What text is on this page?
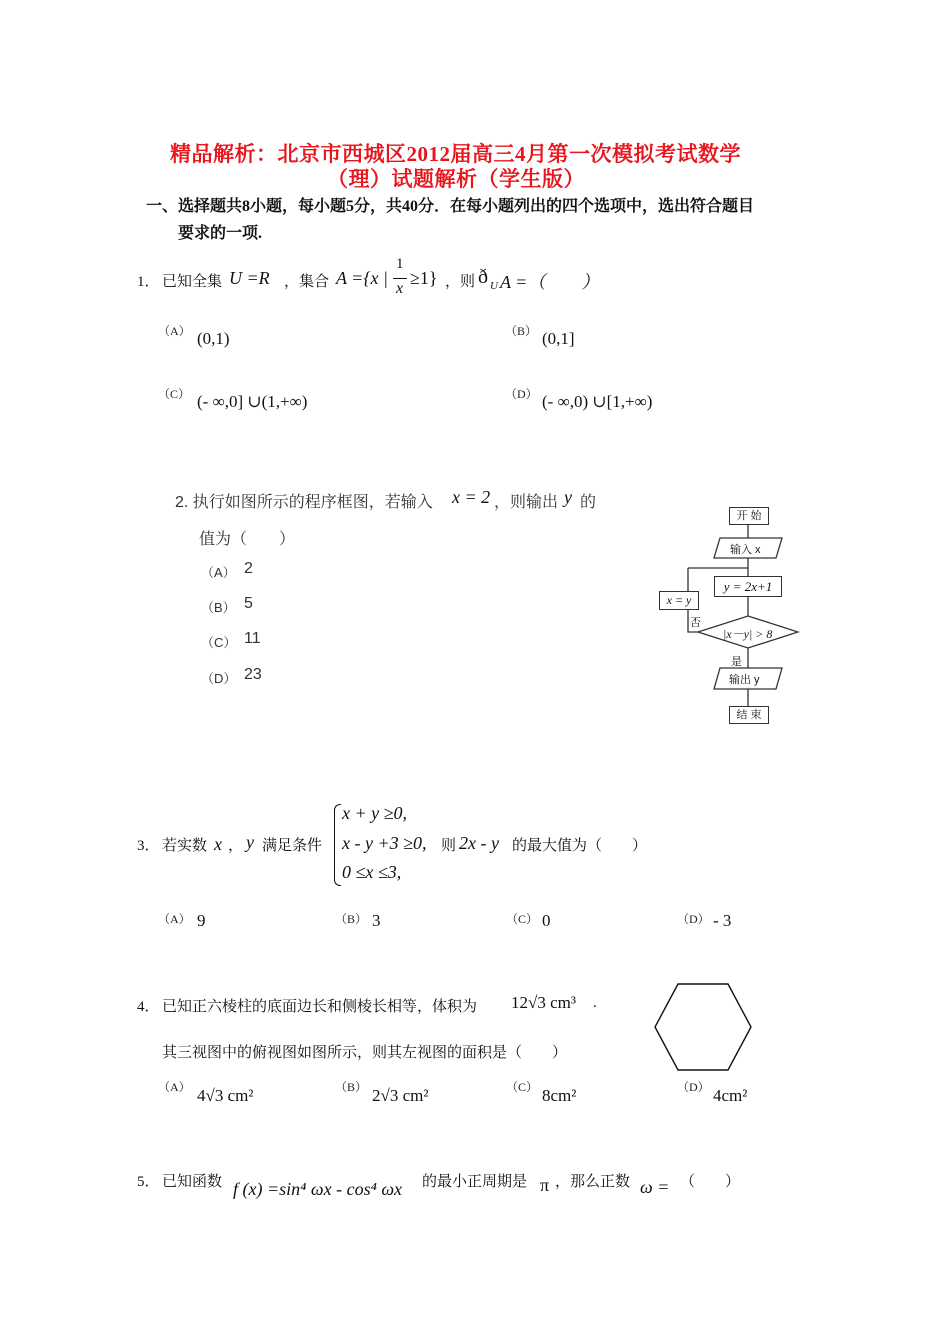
精品解析：北京市西城区2012届高三4月第一次模拟考试数学
（理）试题解析（学生版）
一、选择题共8小题，每小题5分，共40分．在每小题列出的四个选项中，选出符合题目
要求的一项.
1． 已知全集 U =R ，集合 A ={x |
1
x
≥1} ，则 ð U A =（　　）
（A） (0,1)	（B） (0,1]
（C） (- ∞,0] ∪(1,+∞)	（D） (- ∞,0) ∪[1,+∞)
2. 执行如图所示的程序框图，若输入 x = 2 ，则输出 y 的
值为（　　）
（A） 2
（B） 5
（C） 11
（D） 23
开 始
输入 x
y = 2x+1
x = y
否
|x－y| > 8
是
输出 y
结 束
3． 若实数 x ， y 满足条件
x + y ≥0,
x - y +3 ≥0,
0 ≤x ≤3,
则 2x - y 的最大值为（　　）
（A） 9	（B） 3	（C） 0	（D） - 3
4． 已知正六棱柱的底面边长和侧棱长相等，体积为 12√3 cm³ .
其三视图中的俯视图如图所示，则其左视图的面积是（　　）
（A） 4√3 cm²	（B） 2√3 cm²	（C） 8cm²	（D） 4cm²
5． 已知函数 f (x) =sin⁴ ωx - cos⁴ ωx 的最小正周期是 π ，那么正数 ω = （　　）
